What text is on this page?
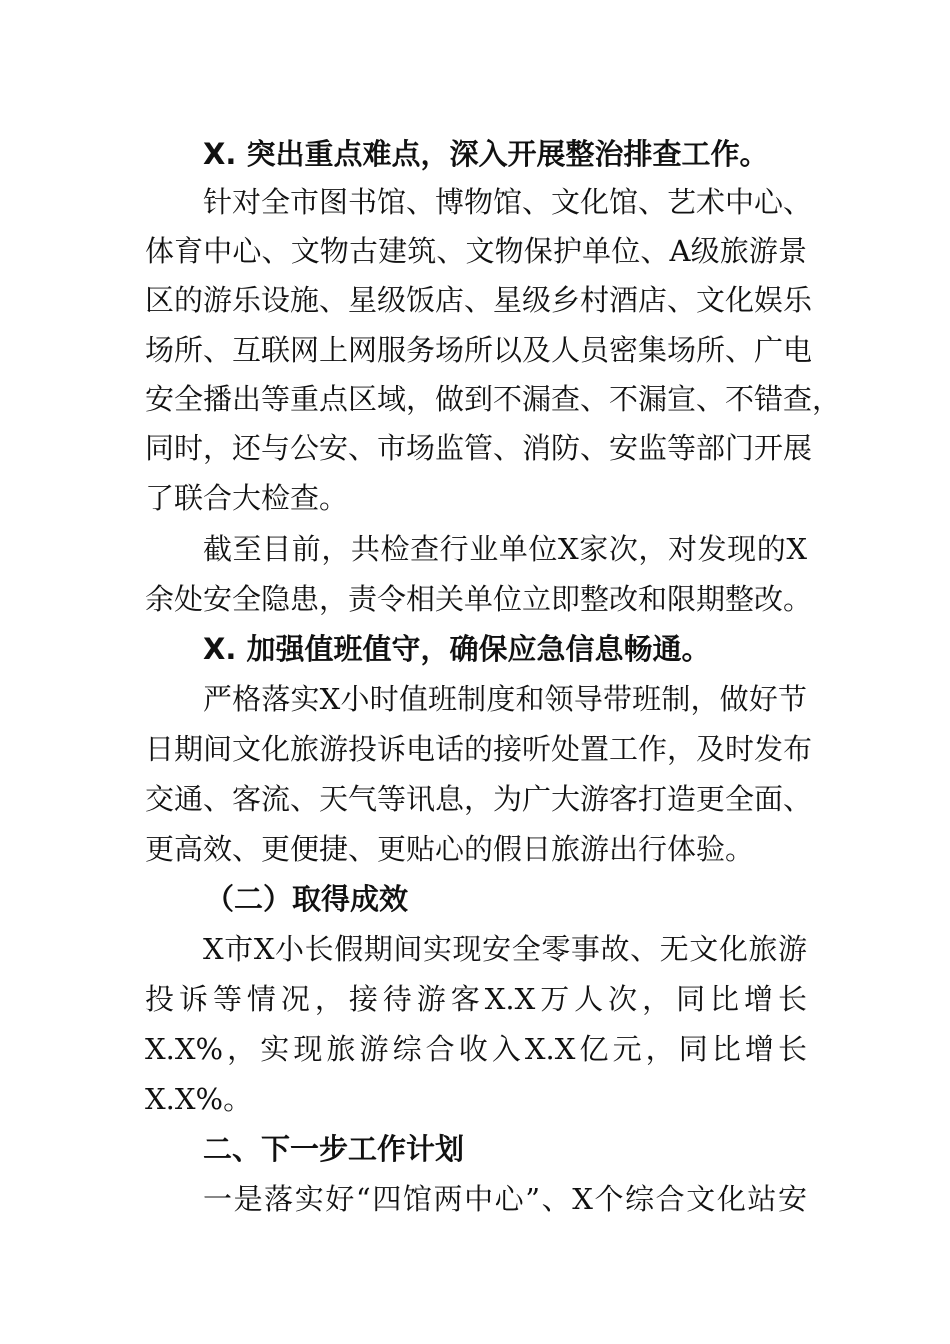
X. 突出重点难点，深入开展整治排查工作。
针对全市图书馆、博物馆、文化馆、艺术中心、
体育中心、文物古建筑、文物保护单位、A级旅游景
区的游乐设施、星级饭店、星级乡村酒店、文化娱乐
场所、互联网上网服务场所以及人员密集场所、广电
安全播出等重点区域，做到不漏查、不漏宣、不错查，
同时，还与公安、市场监管、消防、安监等部门开展
了联合大检查。
截至目前，共检查行业单位X家次，对发现的X
余处安全隐患，责令相关单位立即整改和限期整改。
X. 加强值班值守，确保应急信息畅通。
严格落实X小时值班制度和领导带班制，做好节
日期间文化旅游投诉电话的接听处置工作，及时发布
交通、客流、天气等讯息，为广大游客打造更全面、
更高效、更便捷、更贴心的假日旅游出行体验。
（二）取得成效
X市X小长假期间实现安全零事故、无文化旅游
投诉等情况，接待游客X.X万人次，同比增长
X.X%，实现旅游综合收入X.X亿元，同比增长
X.X%。
二、下一步工作计划
一是落实好“四馆两中心”、X个综合文化站安
